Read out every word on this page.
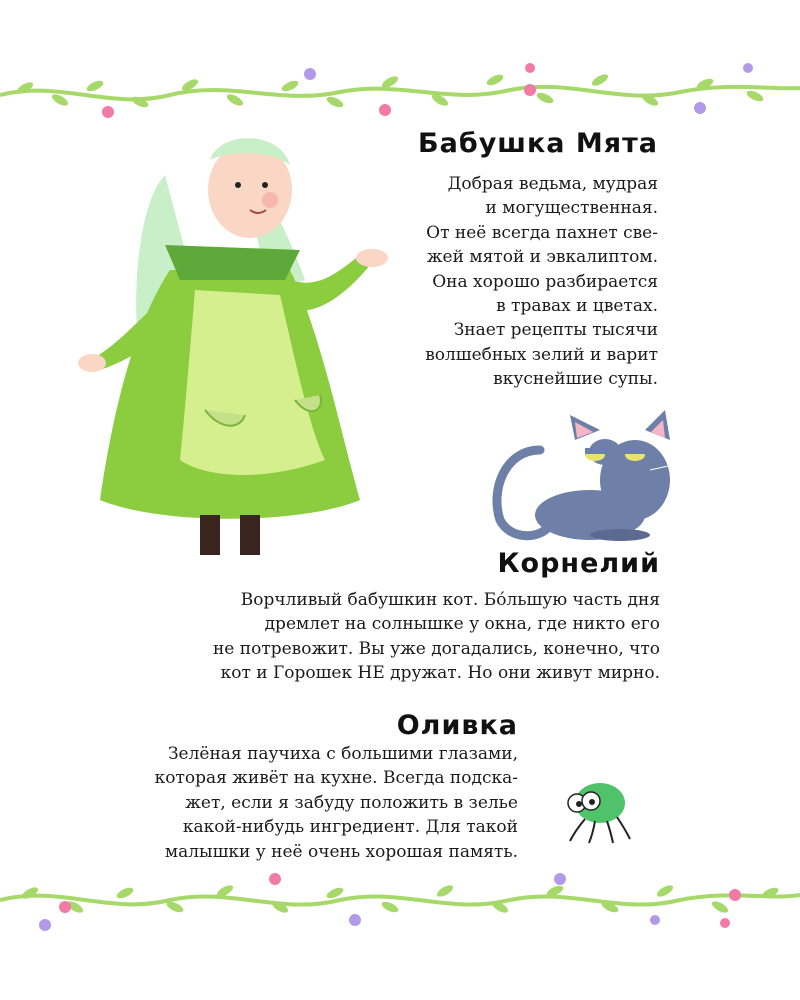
Бабушка Мята
Добрая ведьма, мудрая
и могущественная.
От неё всегда пахнет све-
жей мятой и эвкалиптом.
Она хорошо разбирается
в травах и цветах.
Знает рецепты тысячи
волшебных зелий и варит
вкуснейшие супы.
Корнелий
Ворчливый бабушкин кот. Бо́льшую часть дня
дремлет на солнышке у окна, где никто его
не потревожит. Вы уже догадались, конечно, что
кот и Горошек НЕ дружат. Но они живут мирно.
Оливка
Зелёная паучиха с большими глазами,
которая живёт на кухне. Всегда подска-
жет, если я забуду положить в зелье
какой-нибудь ингредиент. Для такой
малышки у неё очень хорошая память.
